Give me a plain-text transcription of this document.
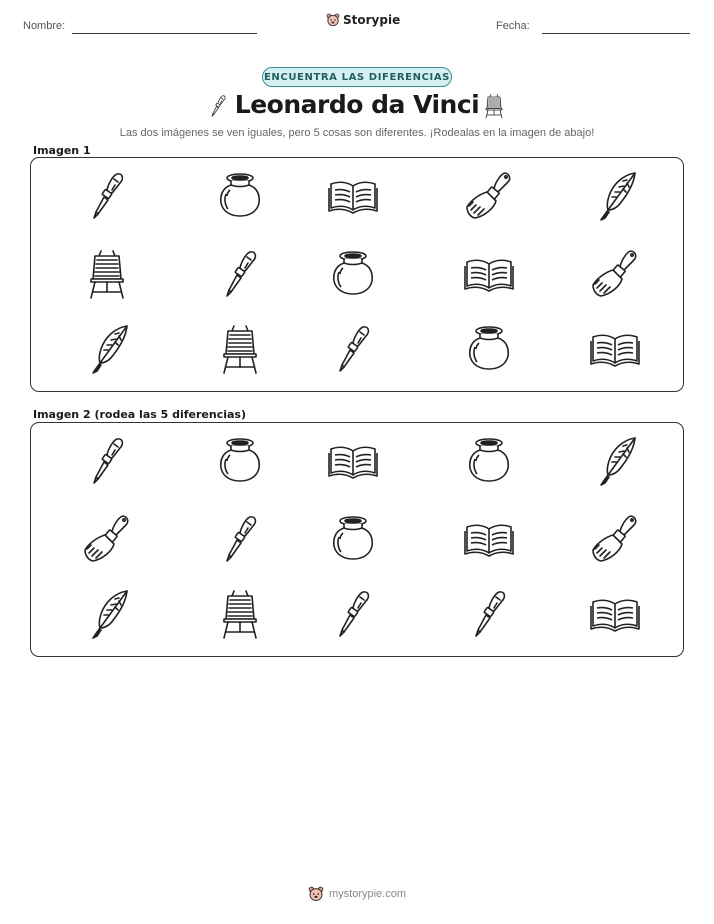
Nombre:	Storypie	Fecha:
ENCUENTRA LAS DIFERENCIAS
Leonardo da Vinci
Las dos imágenes se ven iguales, pero 5 cosas son diferentes. ¡Rodealas en la imagen de abajo!
Imagen 1
Imagen 2 (rodea las 5 diferencias)
mystorypie.com
